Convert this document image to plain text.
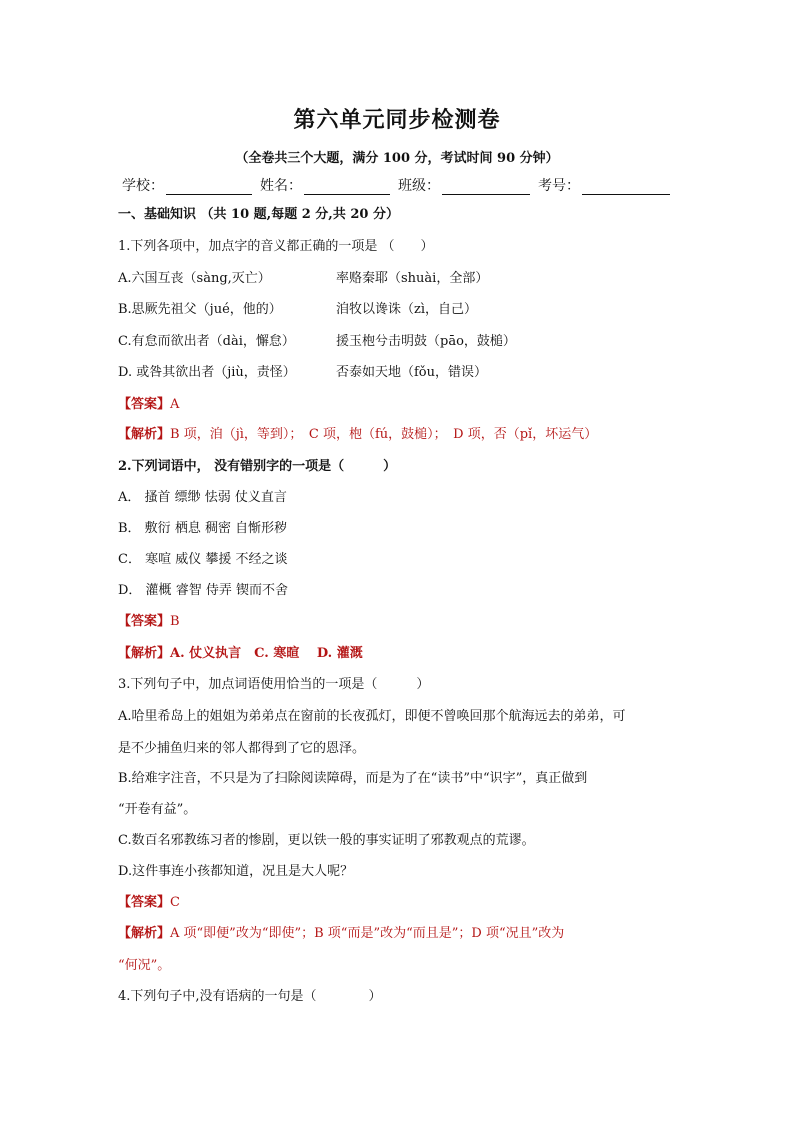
第六单元同步检测卷
（全卷共三个大题，满分 100 分，考试时间 90 分钟）
学校：	姓名：	班级：	考号：
一、基础知识 （共 10 题,每题 2 分,共 20 分）
1.下列各项中，加点字的音义都正确的一项是 （　　）
A.六国互丧（sàng,灭亡）	率赂秦耶（shuài，全部）
B.思厥先祖父（jué，他的）	洎牧以谗诛（zì，自己）
C.有怠而欲出者（dài，懈怠）	援玉枹兮击明鼓（pāo，鼓槌）
D. 或咎其欲出者（jiù，责怪）	否泰如天地（fǒu，错误）
【答案】A
【解析】B 项，洎（jì，等到）；　C 项，枹（fú，鼓槌）；　D 项，否（pǐ，坏运气）
2.下列词语中， 没有错别字的一项是（　　　）
A． 搔首 缥缈 怯弱 仗义直言
B． 敷衍 栖息 稠密 自惭形秽
C． 寒喧 威仪 攀援 不经之谈
D． 灌概 睿智 侍弄 锲而不舍
【答案】B
【解析】A. 仗义执言　C. 寒暄　 D. 灌溉
3.下列句子中，加点词语使用恰当的一项是（　　　）
A.哈里希岛上的姐姐为弟弟点在窗前的长夜孤灯，即便不曾唤回那个航海远去的弟弟，可
是不少捕鱼归来的邻人都得到了它的恩泽。
B.给难字注音，不只是为了扫除阅读障碍，而是为了在“读书”中“识字”，真正做到
“开卷有益”。
C.数百名邪教练习者的惨剧，更以铁一般的事实证明了邪教观点的荒谬。
D.这件事连小孩都知道，况且是大人呢？
【答案】C
【解析】A 项“即便”改为“即使”；B 项“而是”改为“而且是”；D 项“况且”改为
“何况”。
4.下列句子中,没有语病的一句是（　　　　）
